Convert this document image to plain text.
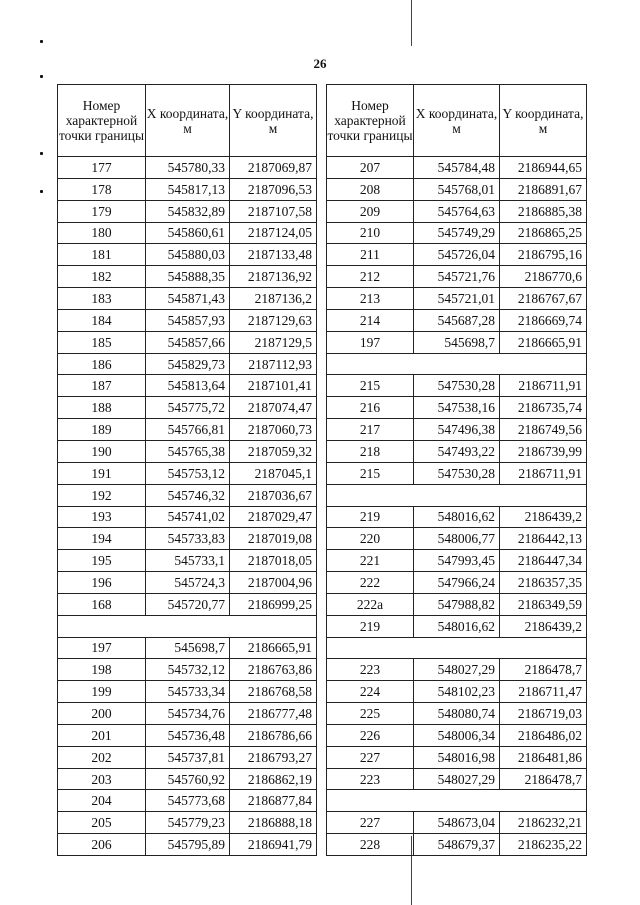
26
Номер характерной точки границы	X координата, м	Y координата, м
177	545780,33	2187069,87
178	545817,13	2187096,53
179	545832,89	2187107,58
180	545860,61	2187124,05
181	545880,03	2187133,48
182	545888,35	2187136,92
183	545871,43	2187136,2
184	545857,93	2187129,63
185	545857,66	2187129,5
186	545829,73	2187112,93
187	545813,64	2187101,41
188	545775,72	2187074,47
189	545766,81	2187060,73
190	545765,38	2187059,32
191	545753,12	2187045,1
192	545746,32	2187036,67
193	545741,02	2187029,47
194	545733,83	2187019,08
195	545733,1	2187018,05
196	545724,3	2187004,96
168	545720,77	2186999,25

197	545698,7	2186665,91
198	545732,12	2186763,86
199	545733,34	2186768,58
200	545734,76	2186777,48
201	545736,48	2186786,66
202	545737,81	2186793,27
203	545760,92	2186862,19
204	545773,68	2186877,84
205	545779,23	2186888,18
206	545795,89	2186941,79
Номер характерной точки границы	X координата, м	Y координата, м
207	545784,48	2186944,65
208	545768,01	2186891,67
209	545764,63	2186885,38
210	545749,29	2186865,25
211	545726,04	2186795,16
212	545721,76	2186770,6
213	545721,01	2186767,67
214	545687,28	2186669,74
197	545698,7	2186665,91

215	547530,28	2186711,91
216	547538,16	2186735,74
217	547496,38	2186749,56
218	547493,22	2186739,99
215	547530,28	2186711,91

219	548016,62	2186439,2
220	548006,77	2186442,13
221	547993,45	2186447,34
222	547966,24	2186357,35
222а	547988,82	2186349,59
219	548016,62	2186439,2

223	548027,29	2186478,7
224	548102,23	2186711,47
225	548080,74	2186719,03
226	548006,34	2186486,02
227	548016,98	2186481,86
223	548027,29	2186478,7

227	548673,04	2186232,21
228	548679,37	2186235,22
